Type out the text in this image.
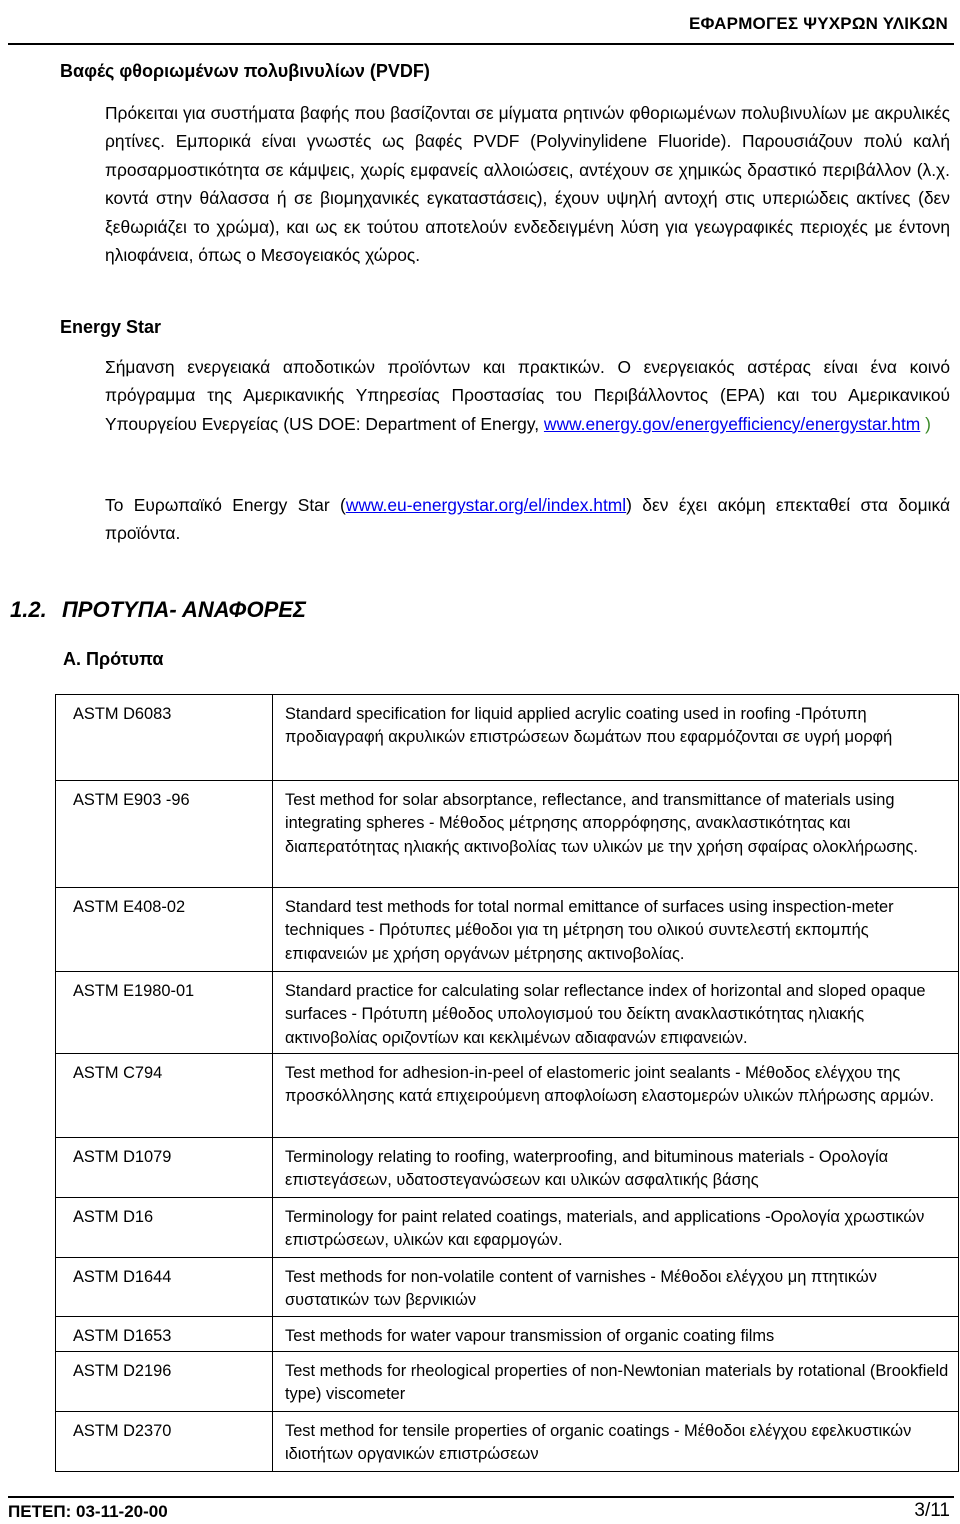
ΕΦΑΡΜΟΓΕΣ ΨΥΧΡΩΝ ΥΛΙΚΩΝ
Βαφές φθοριωμένων πολυβινυλίων (PVDF)

Πρόκειται για συστήματα βαφής που βασίζονται σε μίγματα ρητινών φθοριωμένων πολυβινυλίων με ακρυλικές ρητίνες. Εμπορικά είναι γνωστές ως βαφές PVDF (Polyvinylidene Fluoride). Παρουσιάζουν πολύ καλή προσαρμοστικότητα σε κάμψεις, χωρίς εμφανείς αλλοιώσεις, αντέχουν σε χημικώς δραστικό περιβάλλον (λ.χ. κοντά στην θάλασσα ή σε βιομηχανικές εγκαταστάσεις), έχουν υψηλή αντοχή στις υπεριώδεις ακτίνες (δεν ξεθωριάζει το χρώμα), και ως εκ τούτου αποτελούν ενδεδειγμένη λύση για γεωγραφικές περιοχές με έντονη ηλιοφάνεια, όπως ο Μεσογειακός χώρος.

Energy Star

Σήμανση ενεργειακά αποδοτικών προϊόντων και πρακτικών. Ο ενεργειακός αστέρας είναι ένα κοινό πρόγραμμα της Αμερικανικής Υπηρεσίας Προστασίας του Περιβάλλοντος (EPA) και του Αμερικανικού Υπουργείου Ενεργείας (US DOE: Department of Energy, www.energy.gov/energyefficiency/energystar.htm )

Το Ευρωπαϊκό Energy Star (www.eu-energystar.org/el/index.html) δεν έχει ακόμη επεκταθεί στα δομικά προϊόντα.

1.2. ΠΡΟΤΥΠΑ- ΑΝΑΦΟΡΕΣ
Α. Πρότυπα
ASTM D6083	Standard specification for liquid applied acrylic coating used in roofing -Πρότυπη προδιαγραφή ακρυλικών επιστρώσεων δωμάτων που εφαρμόζονται σε υγρή μορφή
ASTM E903 -96	Test method for solar absorptance, reflectance, and transmittance of materials using integrating spheres - Μέθοδος μέτρησης απορρόφησης, ανακλαστικότητας και διαπερατότητας ηλιακής ακτινοβολίας των υλικών με την χρήση σφαίρας ολοκλήρωσης.
ASTM E408-02	Standard test methods for total normal emittance of surfaces using inspection-meter techniques - Πρότυπες μέθοδοι για τη μέτρηση του ολικού συντελεστή εκπομπής επιφανειών με χρήση οργάνων μέτρησης ακτινοβολίας.
ASTM E1980-01	Standard practice for calculating solar reflectance index of horizontal and sloped opaque surfaces - Πρότυπη μέθοδος υπολογισμού του δείκτη ανακλαστικότητας ηλιακής ακτινοβολίας οριζοντίων και κεκλιμένων αδιαφανών επιφανειών.
ASTM C794	Test method for adhesion-in-peel of elastomeric joint sealants - Μέθοδος ελέγχου της προσκόλλησης κατά επιχειρούμενη αποφλοίωση ελαστομερών υλικών πλήρωσης αρμών.
ASTM D1079	Terminology relating to roofing, waterproofing, and bituminous materials - Ορολογία επιστεγάσεων, υδατοστεγανώσεων και υλικών ασφαλτικής βάσης
ASTM D16	Terminology for paint related coatings, materials, and applications -Ορολογία χρωστικών επιστρώσεων, υλικών και εφαρμογών.
ASTM D1644	Test methods for non-volatile content of varnishes - Μέθοδοι ελέγχου μη πτητικών συστατικών των βερνικιών
ASTM D1653	Test methods for water vapour transmission of organic coating films
ASTM D2196	Test methods for rheological properties of non-Newtonian materials by rotational (Brookfield type) viscometer
ASTM D2370	Test method for tensile properties of organic coatings - Μέθοδοι ελέγχου εφελκυστικών ιδιοτήτων οργανικών επιστρώσεων
ΠΕΤΕΠ: 03-11-20-00	3/11
